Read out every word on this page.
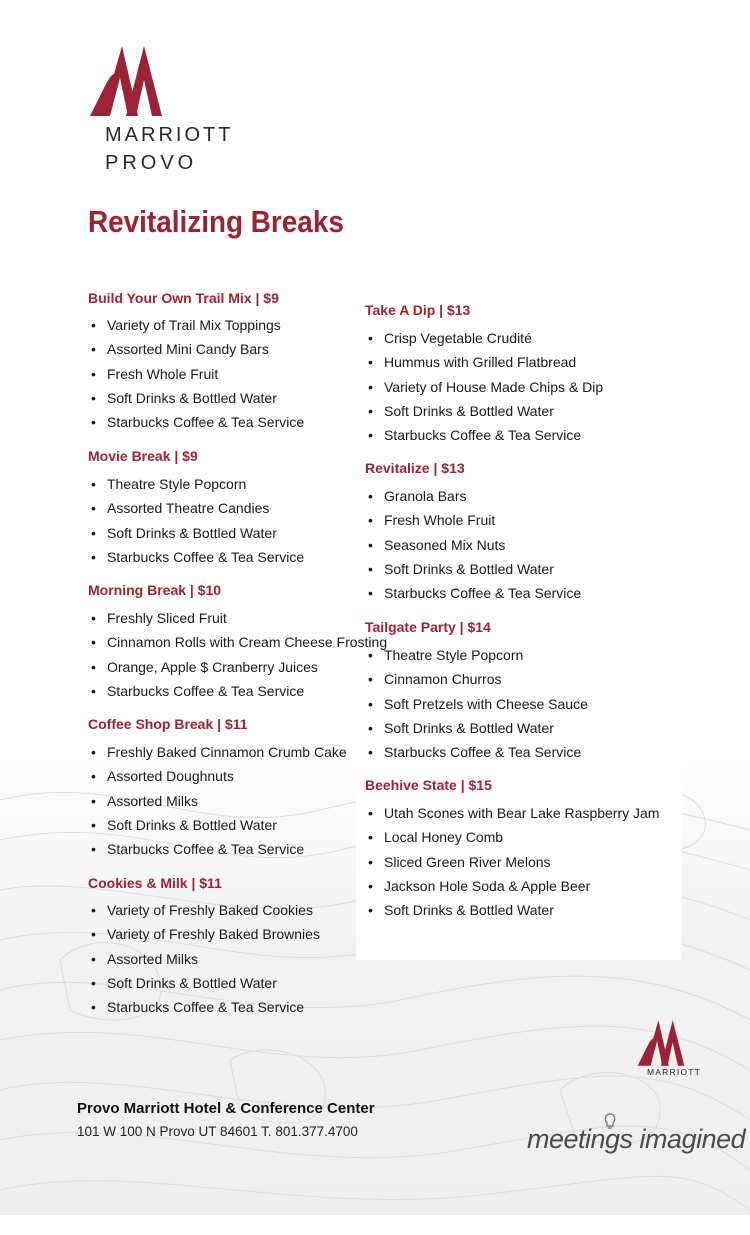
MARRIOTT
PROVO
Revitalizing Breaks
Build Your Own Trail Mix | $9
• Variety of Trail Mix Toppings
• Assorted Mini Candy Bars
• Fresh Whole Fruit
• Soft Drinks & Bottled Water
• Starbucks Coffee & Tea Service
Movie Break | $9
• Theatre Style Popcorn
• Assorted Theatre Candies
• Soft Drinks & Bottled Water
• Starbucks Coffee & Tea Service
Morning Break | $10
• Freshly Sliced Fruit
• Cinnamon Rolls with Cream Cheese Frosting
• Orange, Apple $ Cranberry Juices
• Starbucks Coffee & Tea Service
Coffee Shop Break | $11
• Freshly Baked Cinnamon Crumb Cake
• Assorted Doughnuts
• Assorted Milks
• Soft Drinks & Bottled Water
• Starbucks Coffee & Tea Service
Cookies & Milk | $11
• Variety of Freshly Baked Cookies
• Variety of Freshly Baked Brownies
• Assorted Milks
• Soft Drinks & Bottled Water
• Starbucks Coffee & Tea Service
Take A Dip | $13
• Crisp Vegetable Crudité
• Hummus with Grilled Flatbread
• Variety of House Made Chips & Dip
• Soft Drinks & Bottled Water
• Starbucks Coffee & Tea Service
Revitalize | $13
• Granola Bars
• Fresh Whole Fruit
• Seasoned Mix Nuts
• Soft Drinks & Bottled Water
• Starbucks Coffee & Tea Service
Tailgate Party | $14
• Theatre Style Popcorn
• Cinnamon Churros
• Soft Pretzels with Cheese Sauce
• Soft Drinks & Bottled Water
• Starbucks Coffee & Tea Service
Beehive State | $15
• Utah Scones with Bear Lake Raspberry Jam
• Local Honey Comb
• Sliced Green River Melons
• Jackson Hole Soda & Apple Beer
• Soft Drinks & Bottled Water
MARRIOTT
Provo Marriott Hotel & Conference Center
101 W 100 N Provo UT 84601 T. 801.377.4700	meetings imagined
